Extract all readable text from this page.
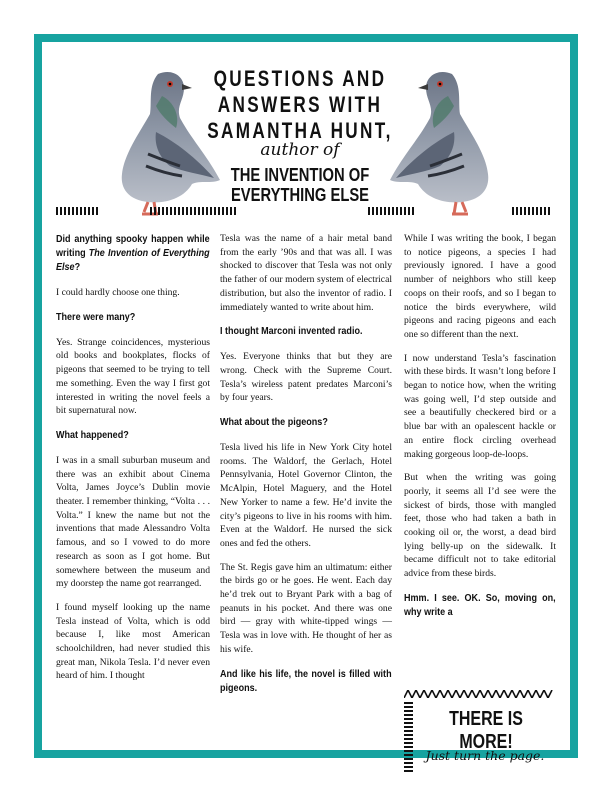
QUESTIONS AND ANSWERS WITH
SAMANTHA HUNT,
author of
THE INVENTION OF
EVERYTHING ELSE
Did anything spooky happen while writing The Invention of Everything Else?

I could hardly choose one thing.

There were many?

Yes. Strange coincidences, mysterious old books and bookplates, flocks of pigeons that seemed to be trying to tell me something. Even the way I first got interested in writing the novel feels a bit supernatural now.

What happened?

I was in a small suburban museum and there was an exhibit about Cinema Volta, James Joyce’s Dublin movie theater. I remember thinking, “Volta . . . Volta.” I knew the name but not the inventions that made Alessandro Volta famous, and so I vowed to do more research as soon as I got home. But somewhere between the museum and my doorstep the name got rearranged.

I found myself looking up the name Tesla instead of Volta, which is odd because I, like most American schoolchildren, had never studied this great man, Nikola Tesla. I’d never even heard of him. I thought

Tesla was the name of a hair metal band from the early ’90s and that was all. I was shocked to discover that Tesla was not only the father of our modern system of electrical distribution, but also the inventor of radio. I immediately wanted to write about him.

I thought Marconi invented radio.

Yes. Everyone thinks that but they are wrong. Check with the Supreme Court. Tesla’s wireless patent predates Marconi’s by four years.

What about the pigeons?

Tesla lived his life in New York City hotel rooms. The Waldorf, the Gerlach, Hotel Pennsylvania, Hotel Governor Clinton, the McAlpin, Hotel Maguery, and the Hotel New Yorker to name a few. He’d invite the city’s pigeons to live in his rooms with him. Even at the Waldorf. He nursed the sick ones and fed the others.

The St. Regis gave him an ultimatum: either the birds go or he goes. He went. Each day he’d trek out to Bryant Park with a bag of peanuts in his pocket. And there was one bird — gray with white-tipped wings — Tesla was in love with. He thought of her as his wife.

And like his life, the novel is filled with pigeons.

While I was writing the book, I began to notice pigeons, a species I had previously ignored. I have a good number of neighbors who still keep coops on their roofs, and so I began to notice the birds everywhere, wild pigeons and racing pigeons and each one so different than the next.

I now understand Tesla’s fascination with these birds. It wasn’t long before I began to notice how, when the writing was going well, I’d step outside and see a beautifully checkered bird or a blue bar with an opalescent hackle or an entire flock circling overhead making gorgeous loop-de-loops.

But when the writing was going poorly, it seems all I’d see were the sickest of birds, those with mangled feet, those who had taken a bath in cooking oil or, the worst, a dead bird lying belly-up on the sidewalk. It became difficult not to take editorial advice from these birds.

Hmm. I see. OK. So, moving on, why write a
THERE IS MORE!
Just turn the page.
